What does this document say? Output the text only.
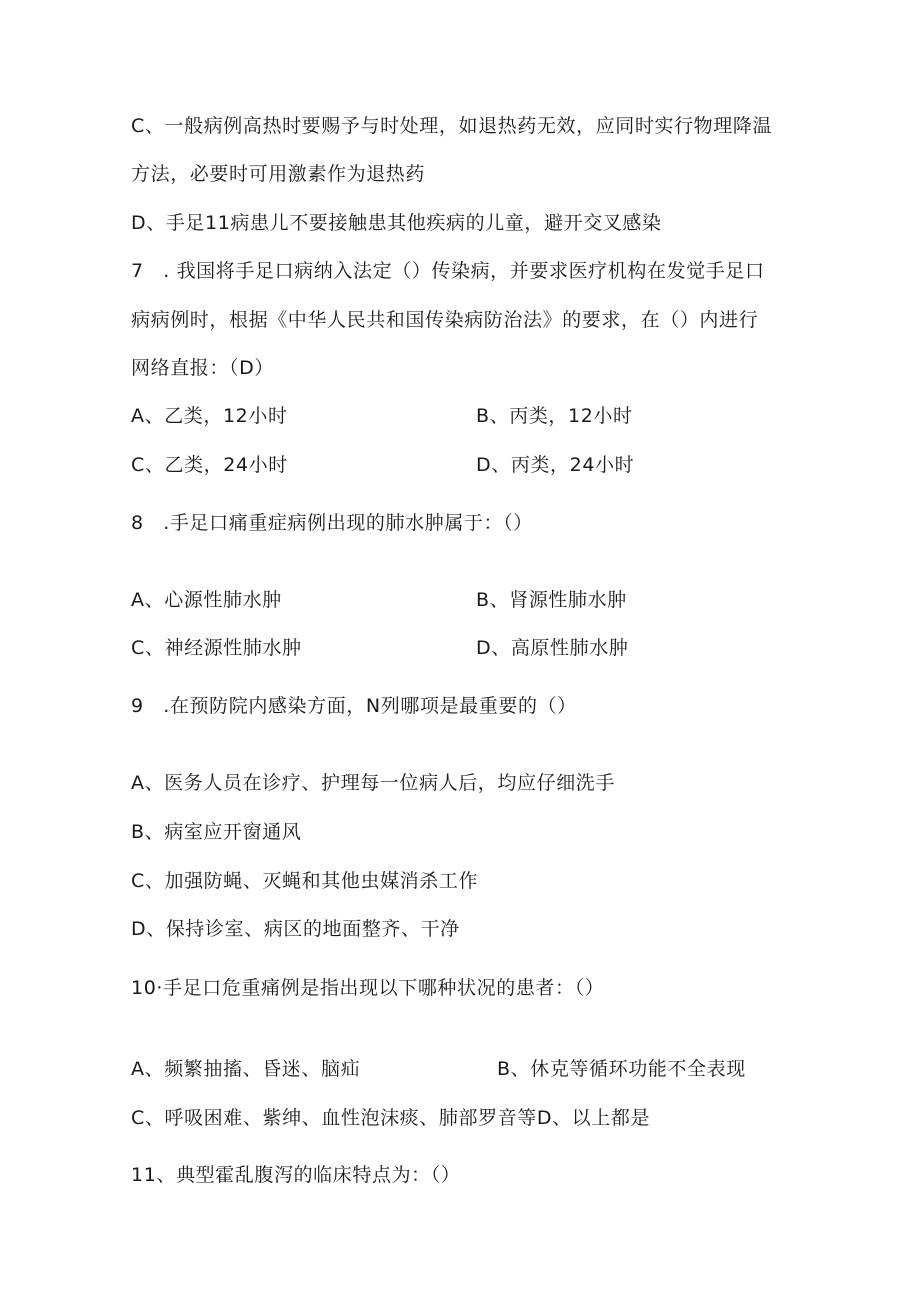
C、一般病例高热时要赐予与时处理，如退热药无效，应同时实行物理降温
方法，必要时可用激素作为退热药
D、手足11病患儿不要接触患其他疾病的儿童，避开交叉感染
7　. 我国将手足口病纳入法定（）传染病，并要求医疗机构在发觉手足口
病病例时，根据《中华人民共和国传染病防治法》的要求，在（）内进行
网络直报：（D）
A、乙类，12小时	B、丙类，12小时
C、乙类，24小时	D、丙类，24小时
8　.手足口痛重症病例出现的肺水肿属于：（）
A、心源性肺水肿	B、肾源性肺水肿
C、神经源性肺水肿	D、高原性肺水肿
9　.在预防院内感染方面，N列哪项是最重要的（）
A、医务人员在诊疗、护理每一位病人后，均应仔细洗手
B、病室应开窗通风
C、加强防蝇、灭蝇和其他虫媒消杀工作
D、保持诊室、病区的地面整齐、干净
10·手足口危重痛例是指出现以下哪种状况的患者：（）
A、频繁抽搐、昏迷、脑疝	B、休克等循环功能不全表现
C、呼吸困难、紫绅、血性泡沫痰、肺部罗音等D、以上都是
11、典型霍乱腹泻的临床特点为：（）
